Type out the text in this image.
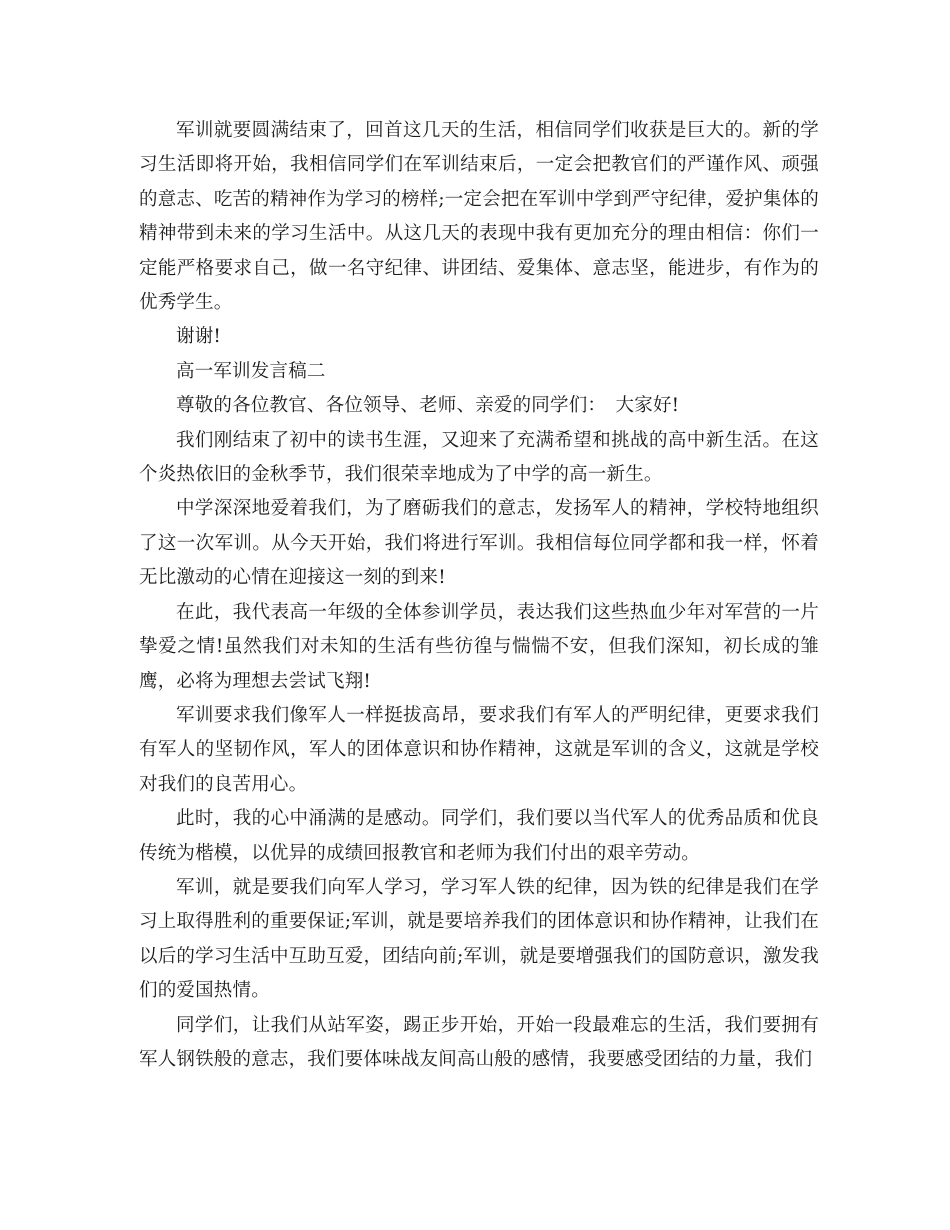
军训就要圆满结束了，回首这几天的生活，相信同学们收获是巨大的。新的学习生活即将开始，我相信同学们在军训结束后，一定会把教官们的严谨作风、顽强的意志、吃苦的精神作为学习的榜样;一定会把在军训中学到严守纪律，爱护集体的精神带到未来的学习生活中。从这几天的表现中我有更加充分的理由相信：你们一定能严格要求自己，做一名守纪律、讲团结、爱集体、意志坚，能进步，有作为的优秀学生。

谢谢!

高一军训发言稿二

尊敬的各位教官、各位领导、老师、亲爱的同学们：　大家好!

我们刚结束了初中的读书生涯，又迎来了充满希望和挑战的高中新生活。在这个炎热依旧的金秋季节，我们很荣幸地成为了中学的高一新生。

中学深深地爱着我们，为了磨砺我们的意志，发扬军人的精神，学校特地组织了这一次军训。从今天开始，我们将进行军训。我相信每位同学都和我一样，怀着无比激动的心情在迎接这一刻的到来!

在此，我代表高一年级的全体参训学员，表达我们这些热血少年对军营的一片挚爱之情!虽然我们对未知的生活有些彷徨与惴惴不安，但我们深知，初长成的雏鹰，必将为理想去尝试飞翔!

军训要求我们像军人一样挺拔高昂，要求我们有军人的严明纪律，更要求我们有军人的坚韧作风，军人的团体意识和协作精神，这就是军训的含义，这就是学校对我们的良苦用心。

此时，我的心中涌满的是感动。同学们，我们要以当代军人的优秀品质和优良传统为楷模，以优异的成绩回报教官和老师为我们付出的艰辛劳动。

军训，就是要我们向军人学习，学习军人铁的纪律，因为铁的纪律是我们在学习上取得胜利的重要保证;军训，就是要培养我们的团体意识和协作精神，让我们在以后的学习生活中互助互爱，团结向前;军训，就是要增强我们的国防意识，激发我们的爱国热情。

同学们，让我们从站军姿，踢正步开始，开始一段最难忘的生活，我们要拥有军人钢铁般的意志，我们要体味战友间高山般的感情，我要感受团结的力量，我们
